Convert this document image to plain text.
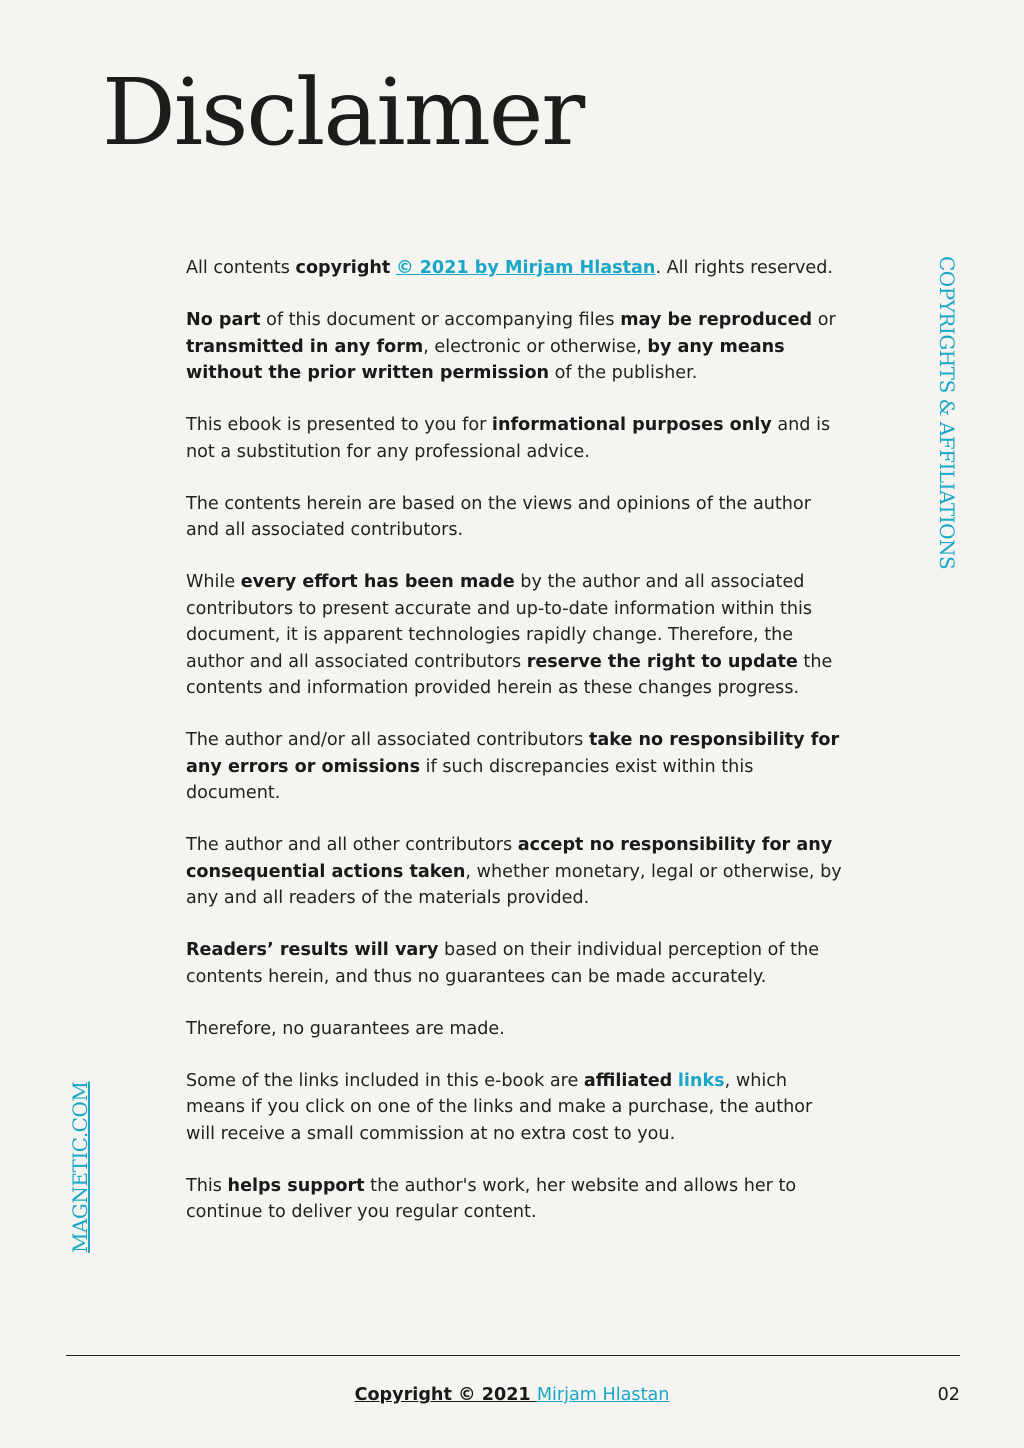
Disclaimer

All contents copyright © 2021 by Mirjam Hlastan. All rights reserved.

No part of this document or accompanying files may be reproduced or transmitted in any form, electronic or otherwise, by any means without the prior written permission of the publisher.

This ebook is presented to you for informational purposes only and is not a substitution for any professional advice.

The contents herein are based on the views and opinions of the author and all associated contributors.

While every effort has been made by the author and all associated contributors to present accurate and up-to-date information within this document, it is apparent technologies rapidly change. Therefore, the author and all associated contributors reserve the right to update the contents and information provided herein as these changes progress.

The author and/or all associated contributors take no responsibility for any errors or omissions if such discrepancies exist within this document.

The author and all other contributors accept no responsibility for any consequential actions taken, whether monetary, legal or otherwise, by any and all readers of the materials provided.

Readers’ results will vary based on their individual perception of the contents herein, and thus no guarantees can be made accurately.

Therefore, no guarantees are made.

Some of the links included in this e-book are affiliated links, which means if you click on one of the links and make a purchase, the author will receive a small commission at no extra cost to you.

This helps support the author's work, her website and allows her to continue to deliver you regular content.

COPYRIGHTS & AFFILIATIONS
MAGNETIC.COM
Copyright © 2021 Mirjam Hlastan	02
